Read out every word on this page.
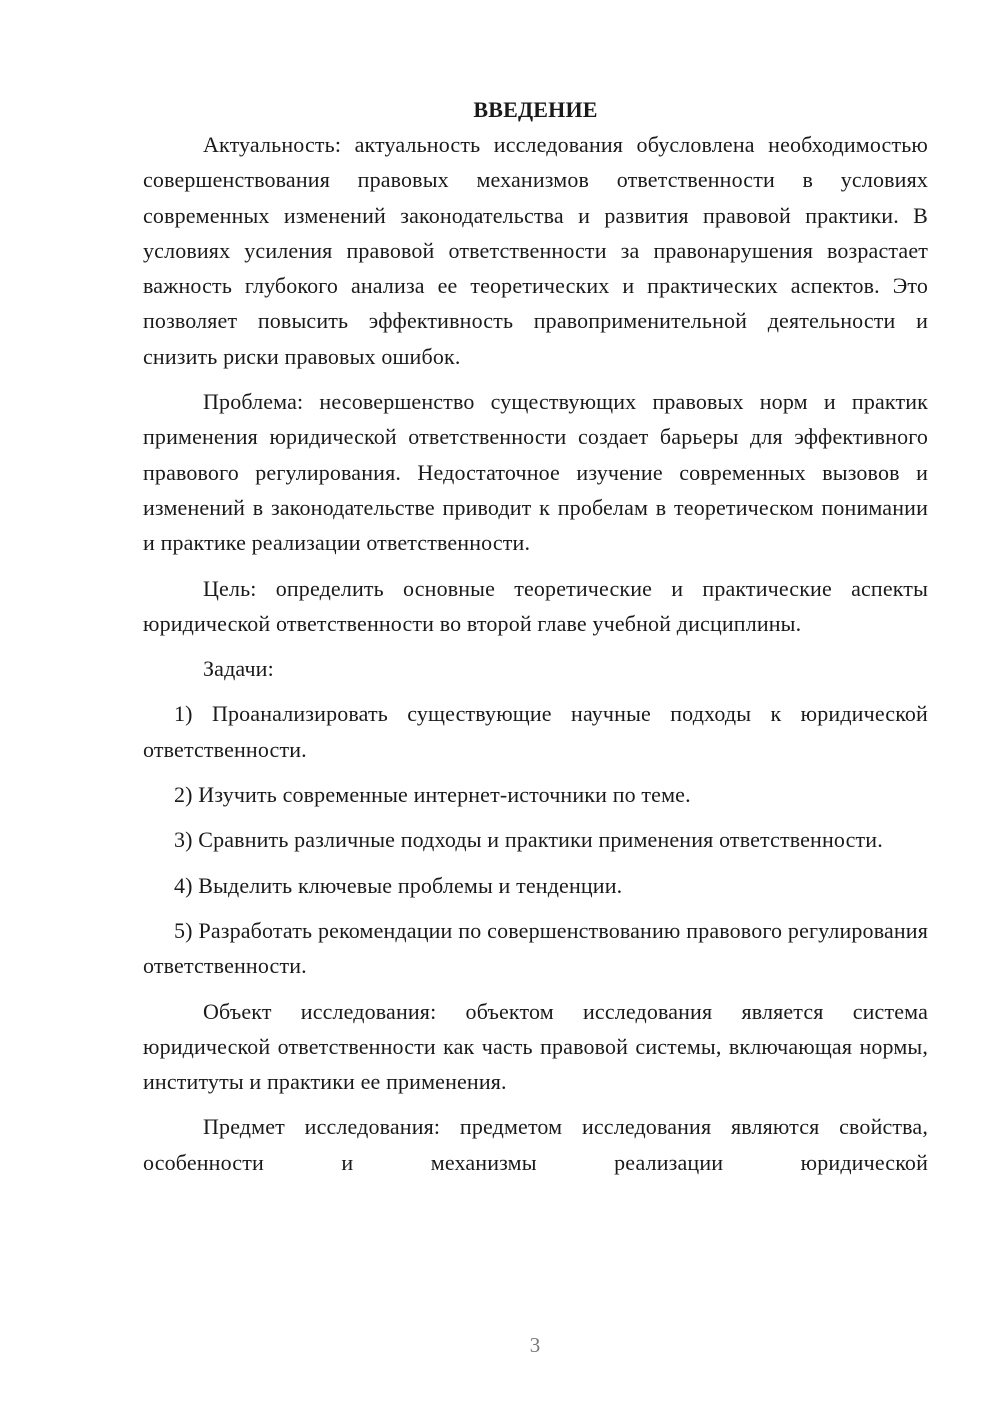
ВВЕДЕНИЕ

Актуальность: актуальность исследования обусловлена необходимостью совершенствования правовых механизмов ответственности в условиях современных изменений законодательства и развития правовой практики. В условиях усиления правовой ответственности за правонарушения возрастает важность глубокого анализа ее теоретических и практических аспектов. Это позволяет повысить эффективность правоприменительной деятельности и снизить риски правовых ошибок.

Проблема: несовершенство существующих правовых норм и практик применения юридической ответственности создает барьеры для эффективного правового регулирования. Недостаточное изучение современных вызовов и изменений в законодательстве приводит к пробелам в теоретическом понимании и практике реализации ответственности.

Цель: определить основные теоретические и практические аспекты юридической ответственности во второй главе учебной дисциплины.

Задачи:

1) Проанализировать существующие научные подходы к юридической ответственности.

2) Изучить современные интернет-источники по теме.

3) Сравнить различные подходы и практики применения ответственности.

4) Выделить ключевые проблемы и тенденции.

5) Разработать рекомендации по совершенствованию правового регулирования ответственности.

Объект исследования: объектом исследования является система юридической ответственности как часть правовой системы, включающая нормы, институты и практики ее применения.

Предмет исследования: предметом исследования являются свойства, особенности и механизмы реализации юридической

3
